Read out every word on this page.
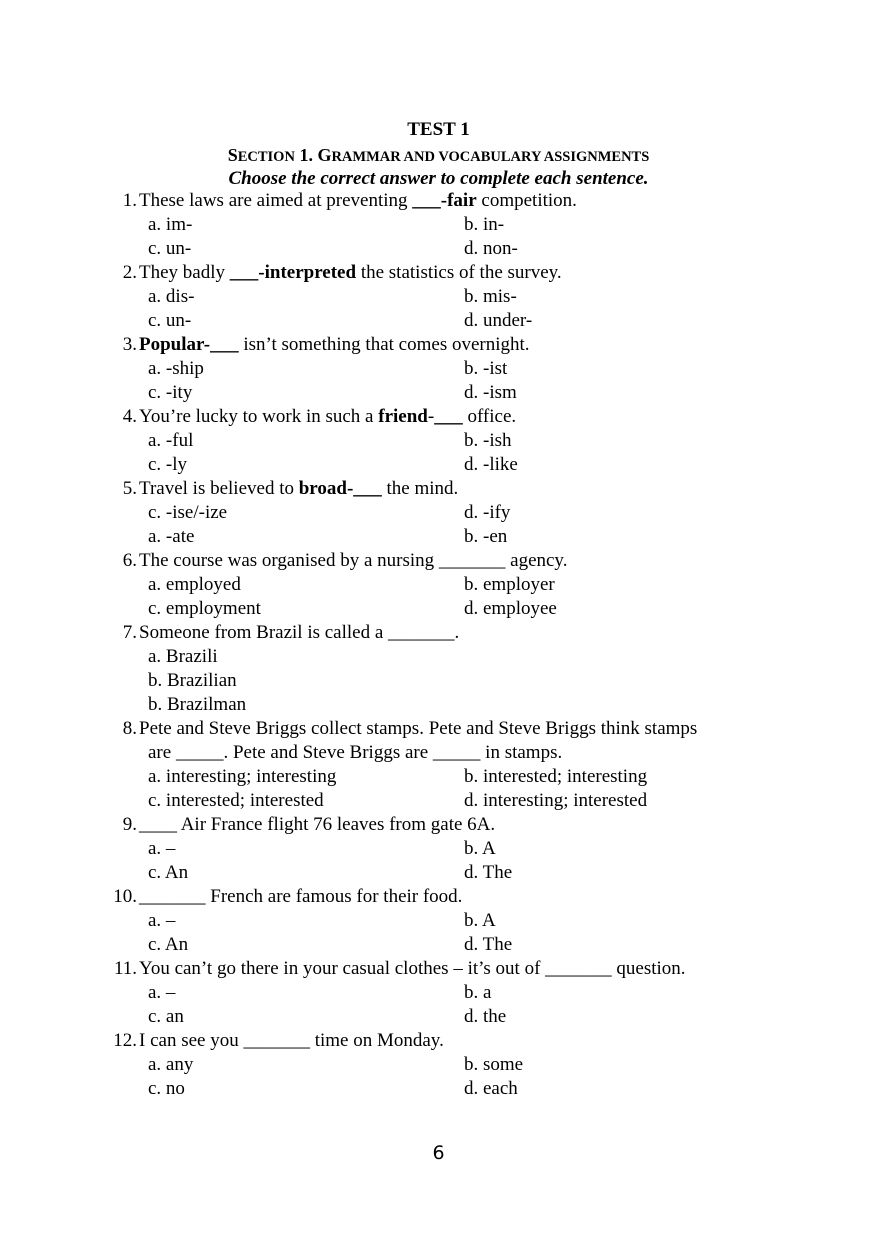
TEST 1
SECTION 1. GRAMMAR AND VOCABULARY ASSIGNMENTS
Choose the correct answer to complete each sentence.
1. These laws are aimed at preventing ___-fair competition.
a. im-	b. in-
c. un-	d. non-
2. They badly ___-interpreted the statistics of the survey.
a. dis-	b. mis-
c. un-	d. under-
3. Popular-___ isn’t something that comes overnight.
a. -ship	b. -ist
c. -ity	d. -ism
4. You’re lucky to work in such a friend-___ office.
a. -ful	b. -ish
c. -ly	d. -like
5. Travel is believed to broad-___ the mind.
c. -ise/-ize	d. -ify
a. -ate	b. -en
6. The course was organised by a nursing _______ agency.
a. employed	b. employer
c. employment	d. employee
7. Someone from Brazil is called a _______.
a. Brazili
b. Brazilian
b. Brazilman
8. Pete and Steve Briggs collect stamps. Pete and Steve Briggs think stamps
are _____. Pete and Steve Briggs are _____ in stamps.
a. interesting; interesting	b. interested; interesting
c. interested; interested	d. interesting; interested
9. ____ Air France flight 76 leaves from gate 6A.
a. –	b. A
c. An	d. The
10. _______ French are famous for their food.
a. –	b. A
c. An	d. The
11. You can’t go there in your casual clothes – it’s out of _______ question.
a. –	b. a
c. an	d. the
12. I can see you _______ time on Monday.
a. any	b. some
c. no	d. each
6
